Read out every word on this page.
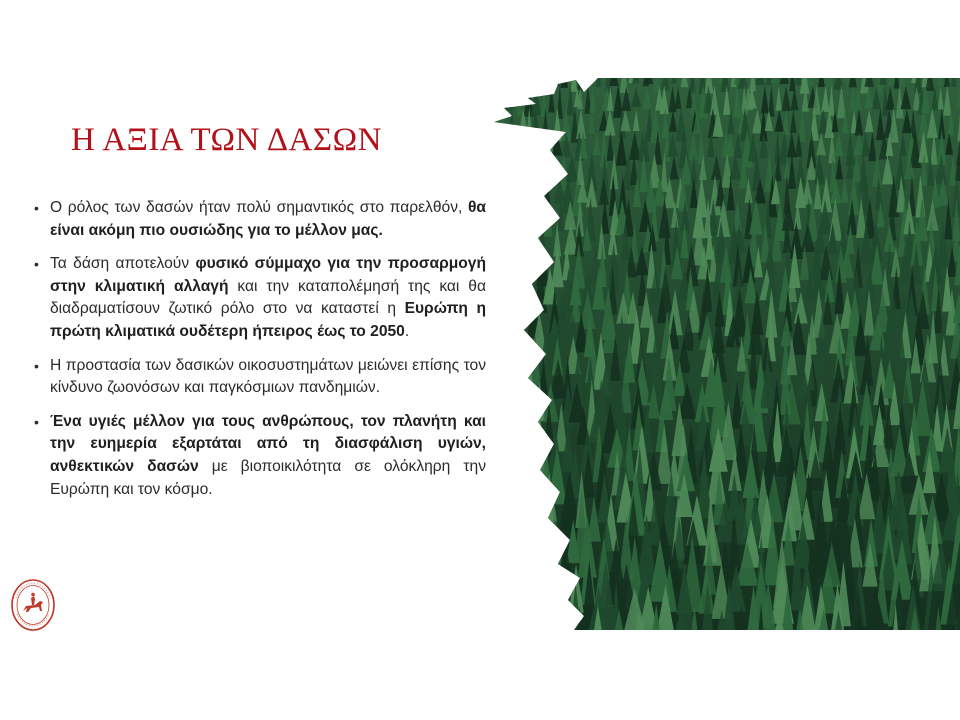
Η ΑΞΙΑ ΤΩΝ ΔΑΣΩΝ
• Ο ρόλος των δασών ήταν πολύ σημαντικός στο παρελθόν, θα είναι ακόμη πιο ουσιώδης για το μέλλον μας.
• Τα δάση αποτελούν φυσικό σύμμαχο για την προσαρμογή στην κλιματική αλλαγή και την καταπολέμησή της και θα διαδραματίσουν ζωτικό ρόλο στο να καταστεί η Ευρώπη η πρώτη κλιματικά ουδέτερη ήπειρος έως το 2050.
• Η προστασία των δασικών οικοσυστημάτων μειώνει επίσης τον κίνδυνο ζωονόσων και παγκόσμιων πανδημιών.
• Ένα υγιές μέλλον για τους ανθρώπους, τον πλανήτη και την ευημερία εξαρτάται από τη διασφάλιση υγιών, ανθεκτικών δασών με βιοποικιλότητα σε ολόκληρη την Ευρώπη και τον κόσμο.
